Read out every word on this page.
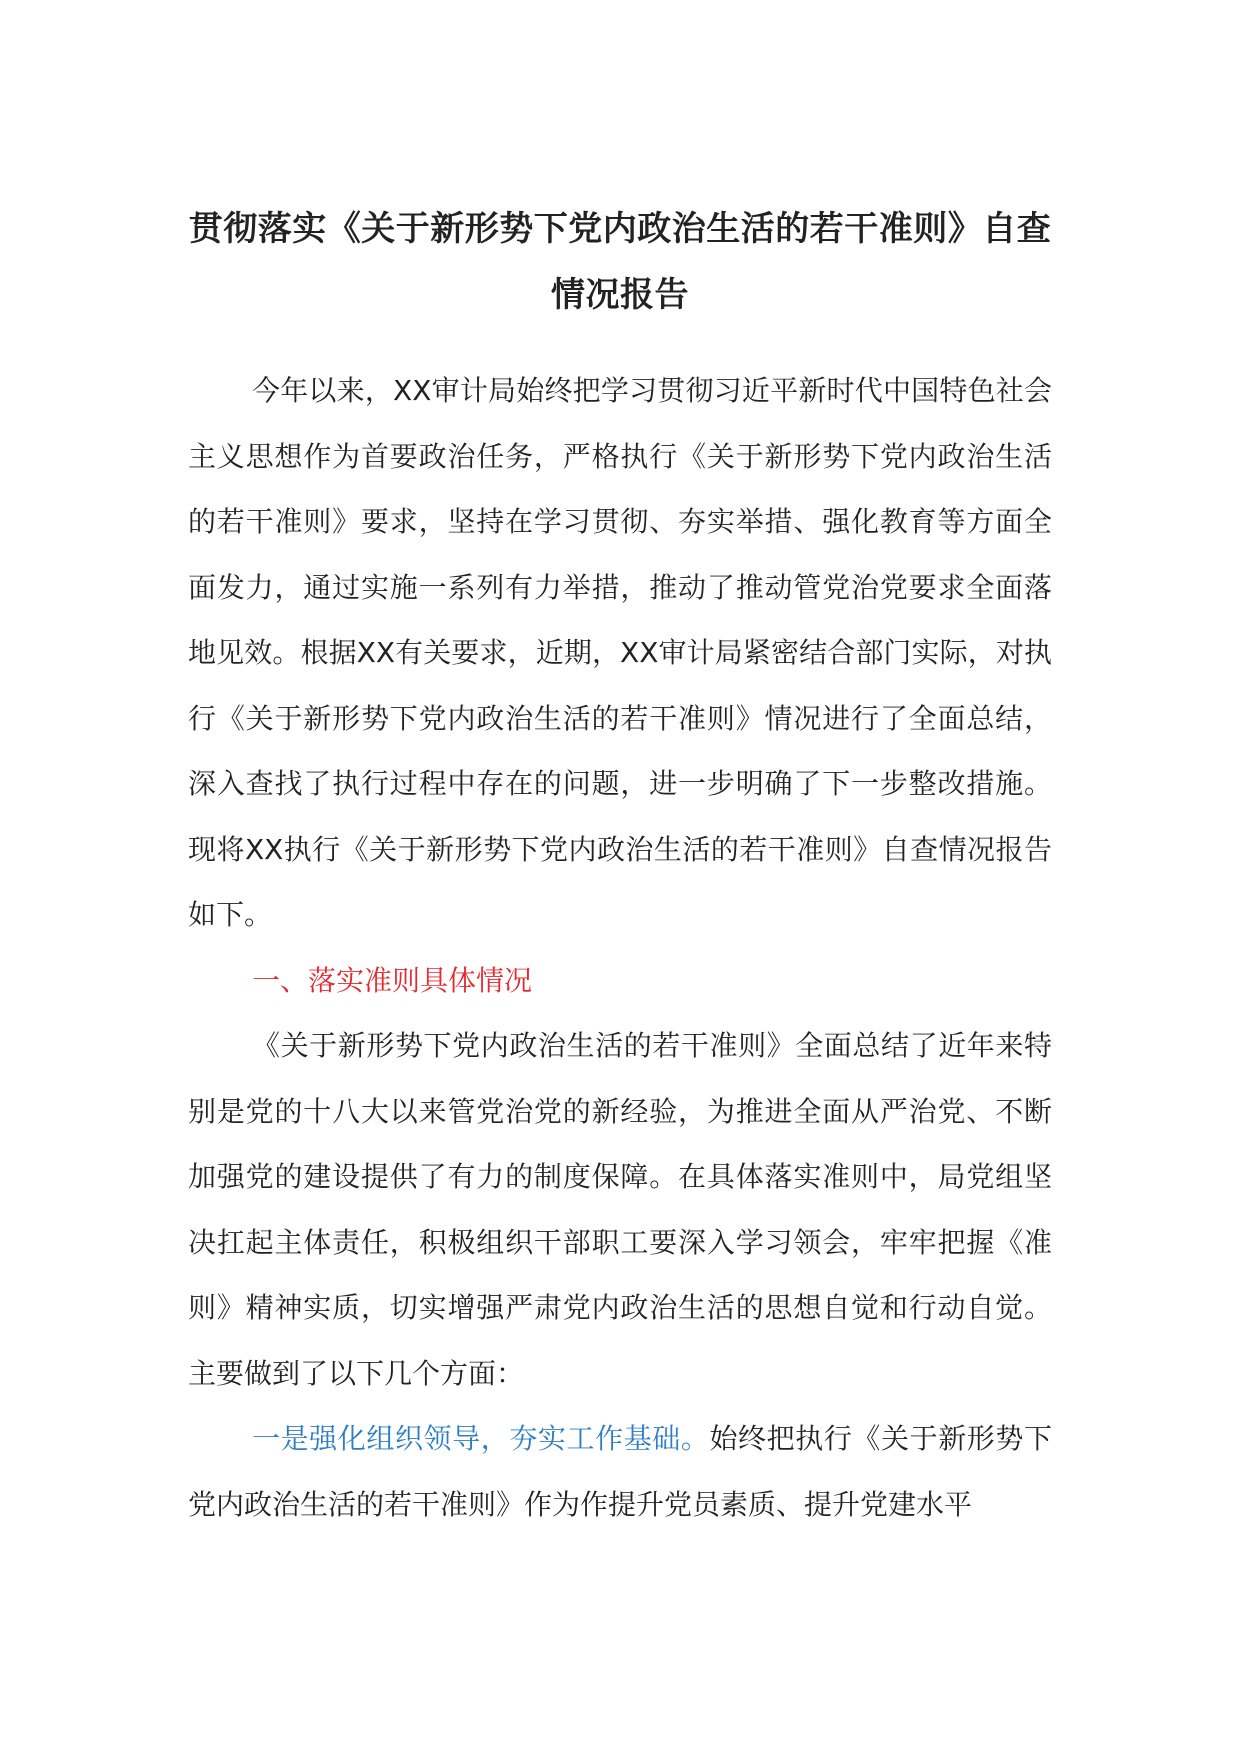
贯彻落实《关于新形势下党内政治生活的若干准则》自查
情况报告

今年以来，XX审计局始终把学习贯彻习近平新时代中国特色社会主义思想作为首要政治任务，严格执行《关于新形势下党内政治生活的若干准则》要求，坚持在学习贯彻、夯实举措、强化教育等方面全面发力，通过实施一系列有力举措，推动了推动管党治党要求全面落地见效。根据XX有关要求，近期，XX审计局紧密结合部门实际，对执行《关于新形势下党内政治生活的若干准则》情况进行了全面总结，深入查找了执行过程中存在的问题，进一步明确了下一步整改措施。现将XX执行《关于新形势下党内政治生活的若干准则》自查情况报告如下。

一、落实准则具体情况

《关于新形势下党内政治生活的若干准则》全面总结了近年来特别是党的十八大以来管党治党的新经验，为推进全面从严治党、不断加强党的建设提供了有力的制度保障。在具体落实准则中，局党组坚决扛起主体责任，积极组织干部职工要深入学习领会，牢牢把握《准则》精神实质，切实增强严肃党内政治生活的思想自觉和行动自觉。主要做到了以下几个方面：

一是强化组织领导，夯实工作基础。始终把执行《关于新形势下党内政治生活的若干准则》作为作提升党员素质、提升党建水平
